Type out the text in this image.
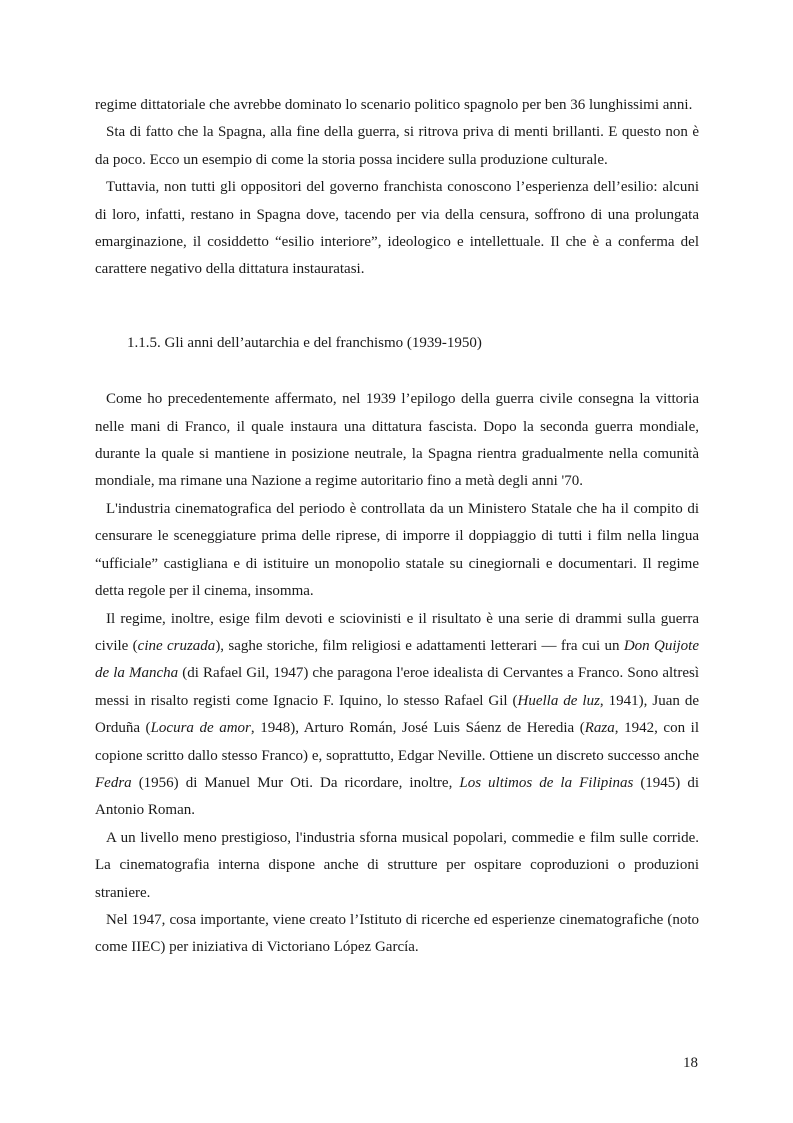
regime dittatoriale che avrebbe dominato lo scenario politico spagnolo per ben 36 lunghissimi anni.

Sta di fatto che la Spagna, alla fine della guerra, si ritrova priva di menti brillanti. E questo non è da poco. Ecco un esempio di come la storia possa incidere sulla produzione culturale.

Tuttavia, non tutti gli oppositori del governo franchista conoscono l’esperienza dell’esilio: alcuni di loro, infatti, restano in Spagna dove, tacendo per via della censura, soffrono di una prolungata emarginazione, il cosiddetto “esilio interiore”, ideologico e intellettuale. Il che è a conferma del carattere negativo della dittatura instauratasi.

1.1.5. Gli anni dell’autarchia e del franchismo (1939-1950)

Come ho precedentemente affermato, nel 1939 l’epilogo della guerra civile consegna la vittoria nelle mani di Franco, il quale instaura una dittatura fascista. Dopo la seconda guerra mondiale, durante la quale si mantiene in posizione neutrale, la Spagna rientra gradualmente nella comunità mondiale, ma rimane una Nazione a regime autoritario fino a metà degli anni '70.

L'industria cinematografica del periodo è controllata da un Ministero Statale che ha il compito di censurare le sceneggiature prima delle riprese, di imporre il doppiaggio di tutti i film nella lingua “ufficiale” castigliana e di istituire un monopolio statale su cinegiornali e documentari. Il regime detta regole per il cinema, insomma.

Il regime, inoltre, esige film devoti e sciovinisti e il risultato è una serie di drammi sulla guerra civile (cine cruzada), saghe storiche, film religiosi e adattamenti letterari — fra cui un Don Quijote de la Mancha (di Rafael Gil, 1947) che paragona l'eroe idealista di Cervantes a Franco. Sono altresì messi in risalto registi come Ignacio F. Iquino, lo stesso Rafael Gil (Huella de luz, 1941), Juan de Orduña (Locura de amor, 1948), Arturo Román, José Luis Sáenz de Heredia (Raza, 1942, con il copione scritto dallo stesso Franco) e, soprattutto, Edgar Neville. Ottiene un discreto successo anche Fedra (1956) di Manuel Mur Oti. Da ricordare, inoltre, Los ultimos de la Filipinas (1945) di Antonio Roman.

A un livello meno prestigioso, l'industria sforna musical popolari, commedie e film sulle corride. La cinematografia interna dispone anche di strutture per ospitare coproduzioni o produzioni straniere.

Nel 1947, cosa importante, viene creato l’Istituto di ricerche ed esperienze cinematografiche (noto come IIEC) per iniziativa di Victoriano López García.

18
